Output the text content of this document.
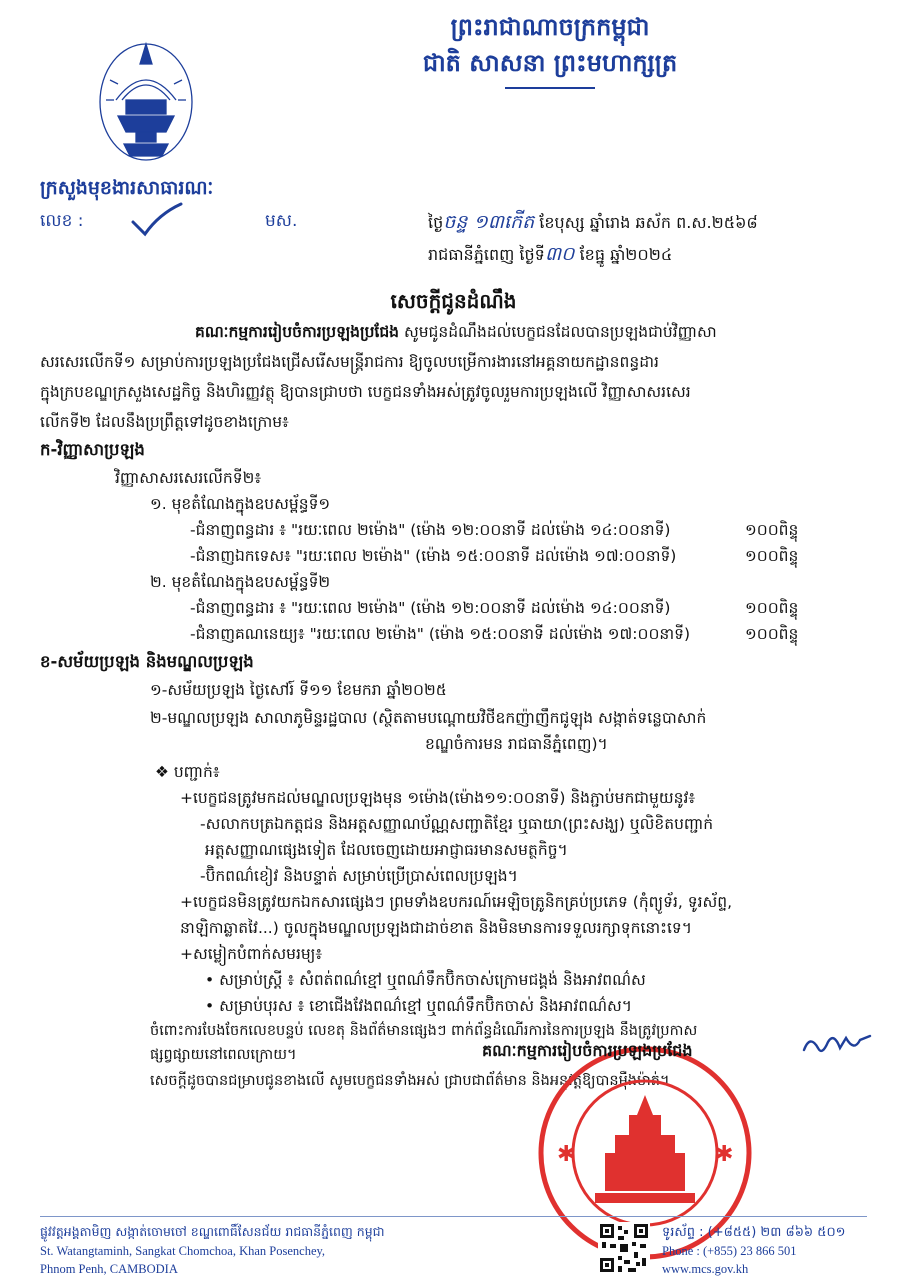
ព្រះរាជាណាចក្រកម្ពុជា
ជាតិ សាសនា ព្រះមហាក្សត្រ
ក្រសួងមុខងារសាធារណៈ
លេខ :	មស.	ថ្ងៃចន្ទ ១៣កើត ខែបុស្ស ឆ្នាំរោង ឆស័ក ព.ស.២៥៦៨
រាជធានីភ្នំពេញ ថ្ងៃទី៣០ ខែធ្នូ ឆ្នាំ២០២៤
សេចក្តីជូនដំណឹង
គណៈកម្មការរៀបចំការប្រឡងប្រជែង សូមជូនដំណឹងដល់បេក្ខជនដែលបានប្រឡងជាប់វិញ្ញាសា
សរសេរលើកទី១ សម្រាប់ការប្រឡងប្រជែងជ្រើសរើសមន្ត្រីរាជការ ឱ្យចូលបម្រើការងារនៅអគ្គនាយកដ្ឋានពន្ធដារ
ក្នុងក្របខណ្ឌក្រសួងសេដ្ឋកិច្ច និងហិរញ្ញវត្ថុ ឱ្យបានជ្រាបថា បេក្ខជនទាំងអស់ត្រូវចូលរួមការប្រឡងលើ វិញ្ញាសាសរសេរ
លើកទី២ ដែលនឹងប្រព្រឹត្តទៅដូចខាងក្រោម៖
ក-វិញ្ញាសាប្រឡង
វិញ្ញាសាសរសេរលើកទី២៖
១. មុខតំណែងក្នុងឧបសម្ព័ន្ធទី១
-ជំនាញពន្ធដារ ៖ "រយៈពេល ២ម៉ោង" (ម៉ោង ១២:០០នាទី ដល់ម៉ោង ១៤:០០នាទី)	១០០ពិន្ទុ
-ជំនាញឯកទេស៖ "រយៈពេល ២ម៉ោង" (ម៉ោង ១៥:០០នាទី ដល់ម៉ោង ១៧:០០នាទី)	១០០ពិន្ទុ
២. មុខតំណែងក្នុងឧបសម្ព័ន្ធទី២
-ជំនាញពន្ធដារ ៖ "រយៈពេល ២ម៉ោង" (ម៉ោង ១២:០០នាទី ដល់ម៉ោង ១៤:០០នាទី)	១០០ពិន្ទុ
-ជំនាញគណនេយ្យ៖ "រយៈពេល ២ម៉ោង" (ម៉ោង ១៥:០០នាទី ដល់ម៉ោង ១៧:០០នាទី)	១០០ពិន្ទុ
ខ-សម័យប្រឡង និងមណ្ឌលប្រឡង
១-សម័យប្រឡង ថ្ងៃសៅរ៍ ទី១១ ខែមករា ឆ្នាំ២០២៥
២-មណ្ឌលប្រឡង សាលាភូមិន្ទរដ្ឋបាល (ស្ថិតតាមបណ្តោយវិថីឧកញ៉ាញឹកជូឡុង សង្កាត់ទន្លេបាសាក់
ខណ្ឌចំការមន រាជធានីភ្នំពេញ)។
❖ បញ្ជាក់៖
+បេក្ខជនត្រូវមកដល់មណ្ឌលប្រឡងមុន ១ម៉ោង(ម៉ោង១១:០០នាទី) និងភ្ជាប់មកជាមួយនូវ៖
-សលាកបត្រឯកត្តជន និងអត្តសញ្ញាណប័ណ្ណសញ្ជាតិខ្មែរ ឬធាយា(ព្រះសង្ឃ) ឬលិខិតបញ្ជាក់
អត្តសញ្ញាណផ្សេងទៀត ដែលចេញដោយអាជ្ញាធរមានសមត្ថកិច្ច។
-ប៊ិកពណ៌ខៀវ និងបន្ទាត់ សម្រាប់ប្រើប្រាស់ពេលប្រឡង។
+បេក្ខជនមិនត្រូវយកឯកសារផ្សេងៗ ព្រមទាំងឧបករណ៍អេឡិចត្រូនិកគ្រប់ប្រភេទ (កុំព្យូទ័រ, ទូរស័ព្ទ,
នាឡិកាឆ្លាតវៃ...) ចូលក្នុងមណ្ឌលប្រឡងជាដាច់ខាត និងមិនមានការទទួលរក្សាទុកនោះទេ។
+សម្លៀកបំពាក់សមរម្យ៖
• សម្រាប់ស្ត្រី ៖ សំពត់ពណ៌ខ្មៅ ឬពណ៌ទឹកប៊ិកចាស់ក្រោមជង្គង់ និងអាវពណ៌ស
• សម្រាប់បុរស ៖ ខោជើងវែងពណ៌ខ្មៅ ឬពណ៌ទឹកប៊ិកចាស់ និងអាវពណ៌ស។
ចំពោះការបែងចែកលេខបន្ទប់ លេខតុ និងព័ត៌មានផ្សេងៗ ពាក់ព័ន្ធដំណើរការនៃការប្រឡង នឹងត្រូវប្រកាស
ផ្សព្វផ្សាយនៅពេលក្រោយ។
សេចក្តីដូចបានជម្រាបជូនខាងលើ សូមបេក្ខជនទាំងអស់ ជ្រាបជាព័ត៌មាន និងអនុវត្តឱ្យបានម៉ឺងម៉ាត់។
✱	✱
គណៈកម្មការរៀបចំការប្រឡងប្រជែង
ផ្លូវវត្តអង្គតាមិញ សង្កាត់ចោមចៅ ខណ្ឌពោធិ៍សែនជ័យ រាជធានីភ្នំពេញ កម្ពុជា
St. Watangtaminh, Sangkat Chomchoa, Khan Posenchey,
Phnom Penh, CAMBODIA
ទូរស័ព្ទ : (+៨៥៥) ២៣ ៨៦៦ ៥០១
Phone : (+855) 23 866 501
www.mcs.gov.kh
